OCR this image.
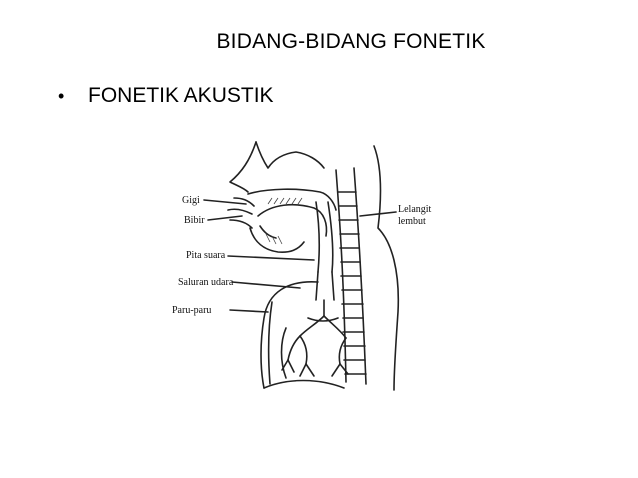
BIDANG-BIDANG FONETIK
•	FONETIK AKUSTIK
Gigi
Bibir
Pita suara
Saluran udara
Paru-paru
Lelangit
lembut
